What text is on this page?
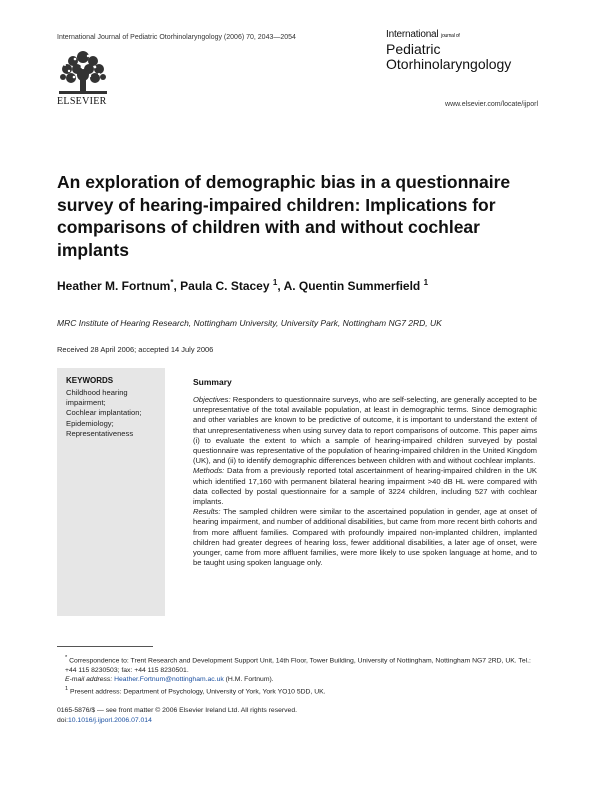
International Journal of Pediatric Otorhinolaryngology (2006) 70, 2043—2054
ELSEVIER
International journal of
Pediatric
Otorhinolaryngology
www.elsevier.com/locate/ijporl
An exploration of demographic bias in a questionnaire survey of hearing-impaired children: Implications for comparisons of children with and without cochlear implants
Heather M. Fortnum*, Paula C. Stacey $^1$, A. Quentin Summerfield $^1$
MRC Institute of Hearing Research, Nottingham University, University Park, Nottingham NG7 2RD, UK
Received 28 April 2006; accepted 14 July 2006
KEYWORDS
Childhood hearing impairment;
Cochlear implantation;
Epidemiology;
Representativeness
Summary

Objectives: Responders to questionnaire surveys, who are self-selecting, are generally accepted to be unrepresentative of the total available population, at least in demographic terms. Since demographic and other variables are known to be predictive of outcome, it is important to understand the extent of that unrepresentativeness when using survey data to report comparisons of outcome. This paper aims (i) to evaluate the extent to which a sample of hearing-impaired children surveyed by postal questionnaire was representative of the population of hearing-impaired children in the United Kingdom (UK), and (ii) to identify demographic differences between children with and without cochlear implants.

Methods: Data from a previously reported total ascertainment of hearing-impaired children in the UK which identified 17,160 with permanent bilateral hearing impairment >40 dB HL were compared with data collected by postal questionnaire for a sample of 3224 children, including 527 with cochlear implants.

Results: The sampled children were similar to the ascertained population in gender, age at onset of hearing impairment, and number of additional disabilities, but came from more recent birth cohorts and from more affluent families. Compared with profoundly impaired non-implanted children, implanted children had greater degrees of hearing loss, fewer additional disabilities, a later age of onset, were younger, came from more affluent families, were more likely to use spoken language at home, and to be taught using spoken language only.

* Correspondence to: Trent Research and Development Support Unit, 14th Floor, Tower Building, University of Nottingham, Nottingham NG7 2RD, UK. Tel.: +44 115 8230503; fax: +44 115 8230501.
E-mail address: Heather.Fortnum@nottingham.ac.uk (H.M. Fortnum).
$^1$ Present address: Department of Psychology, University of York, York YO10 5DD, UK.
0165-5876/$ — see front matter © 2006 Elsevier Ireland Ltd. All rights reserved.
doi:10.1016/j.ijporl.2006.07.014
